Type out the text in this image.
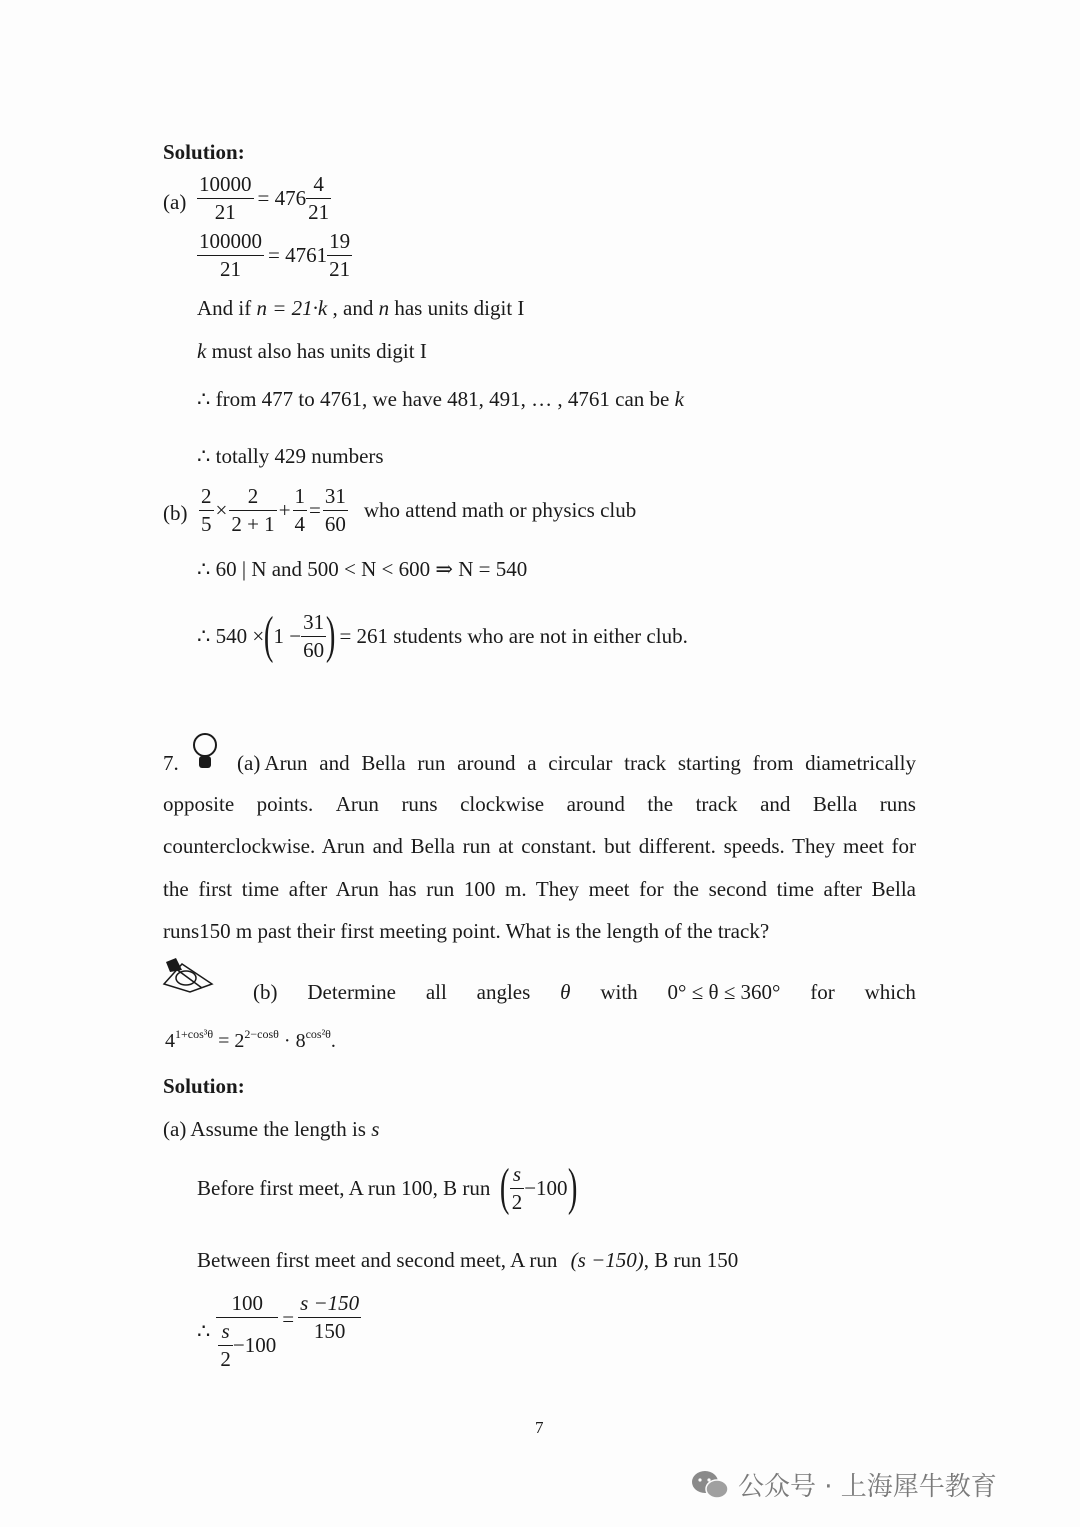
Solution:
$(a) \frac{10000}{21} = 476 \frac{4}{21}$
$\frac{100000}{21} = 4761 \frac{19}{21}$
And if n = 21·k , and n has units digit I
k must also has units digit I
∴ from 477 to 4761, we have 481, 491, … , 4761 can be k
∴ totally 429 numbers
$(b) \frac{2}{5} \times \frac{2}{2 + 1} + \frac{1}{4} = \frac{31}{60}$ who attend math or physics club
∴ 60 | N and 500 < N < 600 ⇒ N = 540
∴ 540 × ( $1 - \frac{31}{60}$ ) = 261 students who are not in either club.
7.	(a) Arun and Bella run around a circular track starting from diametrically
opposite points. Arun runs clockwise around the track and Bella runs
counterclockwise. Arun and Bella run at constant. but different. speeds. They meet for
the first time after Arun has run 100 m. They meet for the second time after Bella
runs150 m past their first meeting point. What is the length of the track?
(b) Determine all angles θ with 0° ≤ θ ≤ 360° for which
$4^{1+cos^3\theta} = 2^{2-cos\theta} \cdot 8^{cos^2\theta}$.
Solution:
(a) Assume the length is s
Before first meet, A run 100, B run ( $\frac{s}{2} -100$ )
Between first meet and second meet, A run (s −150), B run 150
∴ $\frac{100}{\frac{s}{2} -100} = \frac{s -150}{150}$
7
公众号 · 上海犀牛教育
